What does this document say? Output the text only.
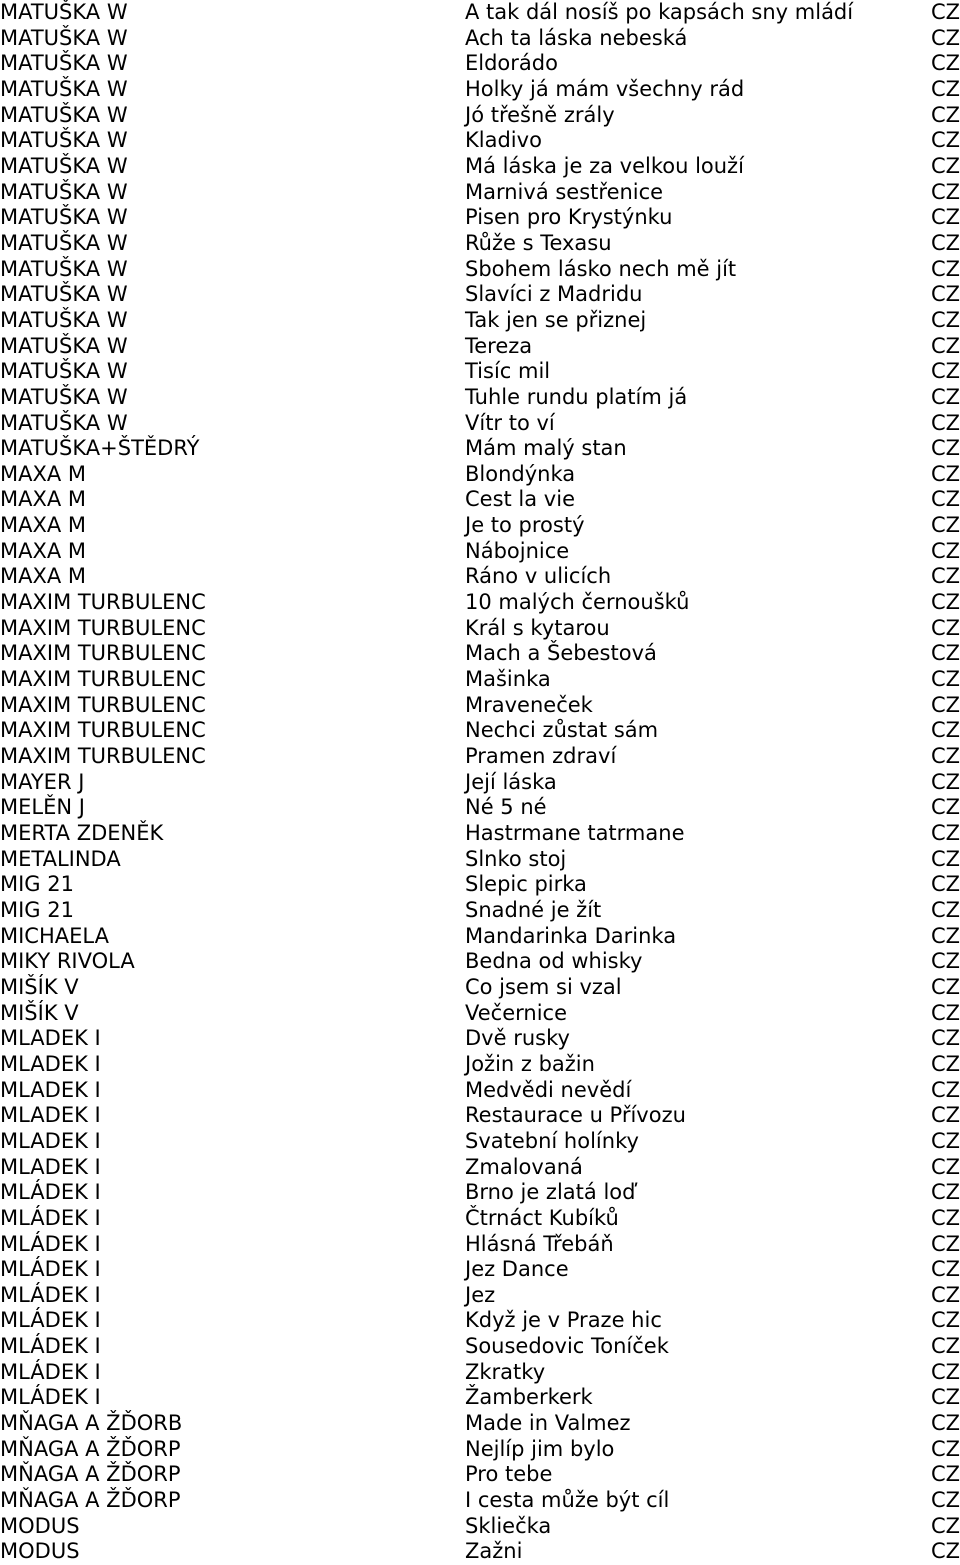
MATUŠKA W	A tak dál nosíš po kapsách sny mládí	CZ
MATUŠKA W	Ach ta láska nebeská	CZ
MATUŠKA W	Eldorádo	CZ
MATUŠKA W	Holky já mám všechny rád	CZ
MATUŠKA W	Jó třešně zrály	CZ
MATUŠKA W	Kladivo	CZ
MATUŠKA W	Má láska je za velkou louží	CZ
MATUŠKA W	Marnivá sestřenice	CZ
MATUŠKA W	Pisen pro Krystýnku	CZ
MATUŠKA W	Růže s Texasu	CZ
MATUŠKA W	Sbohem lásko nech mě jít	CZ
MATUŠKA W	Slavíci z Madridu	CZ
MATUŠKA W	Tak jen se přiznej	CZ
MATUŠKA W	Tereza	CZ
MATUŠKA W	Tisíc mil	CZ
MATUŠKA W	Tuhle rundu platím já	CZ
MATUŠKA W	Vítr to ví	CZ
MATUŠKA+ŠTĚDRÝ	Mám malý stan	CZ
MAXA M	Blondýnka	CZ
MAXA M	Cest la vie	CZ
MAXA M	Je to prostý	CZ
MAXA M	Nábojnice	CZ
MAXA M	Ráno v ulicích	CZ
MAXIM TURBULENC	10 malých černoušků	CZ
MAXIM TURBULENC	Král s kytarou	CZ
MAXIM TURBULENC	Mach a Šebestová	CZ
MAXIM TURBULENC	Mašinka	CZ
MAXIM TURBULENC	Mraveneček	CZ
MAXIM TURBULENC	Nechci zůstat sám	CZ
MAXIM TURBULENC	Pramen zdraví	CZ
MAYER J	Její láska	CZ
MELĚN J	Né 5 né	CZ
MERTA ZDENĚK	Hastrmane tatrmane	CZ
METALINDA	Slnko stoj	CZ
MIG 21	Slepic pirka	CZ
MIG 21	Snadné je žít	CZ
MICHAELA	Mandarinka Darinka	CZ
MIKY RIVOLA	Bedna od whisky	CZ
MIŠÍK V	Co jsem si vzal	CZ
MIŠÍK V	Večernice	CZ
MLADEK I	Dvě rusky	CZ
MLADEK I	Jožin z bažin	CZ
MLADEK I	Medvědi nevědí	CZ
MLADEK I	Restaurace u Přívozu	CZ
MLADEK I	Svatební holínky	CZ
MLADEK I	Zmalovaná	CZ
MLÁDEK I	Brno je zlatá loď	CZ
MLÁDEK I	Čtrnáct Kubíků	CZ
MLÁDEK I	Hlásná Třebáň	CZ
MLÁDEK I	Jez Dance	CZ
MLÁDEK I	Jez	CZ
MLÁDEK I	Když je v Praze hic	CZ
MLÁDEK I	Sousedovic Toníček	CZ
MLÁDEK I	Zkratky	CZ
MLÁDEK I	Žamberkerk	CZ
MŇAGA A ŽĎORB	Made in Valmez	CZ
MŇAGA A ŽĎORP	Nejlíp jim bylo	CZ
MŇAGA A ŽĎORP	Pro tebe	CZ
MŇAGA A ŽĎORP	I cesta může být cíl	CZ
MODUS	Skliečka	CZ
MODUS	Zažni	CZ
